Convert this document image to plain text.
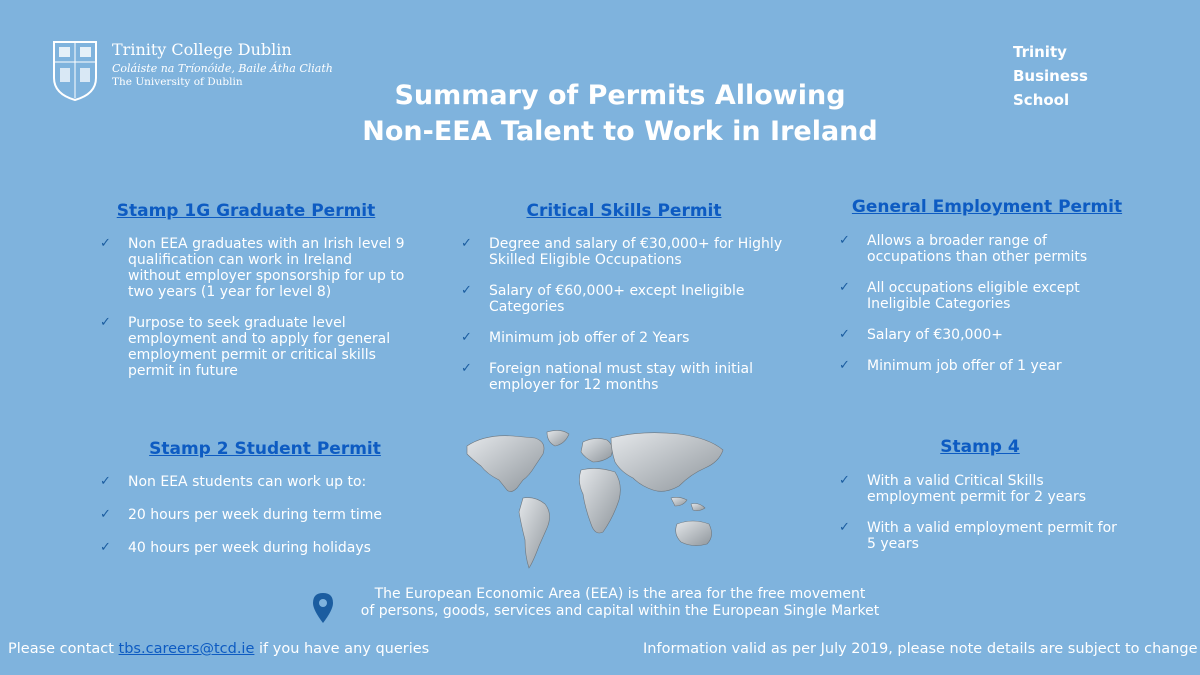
Trinity College Dublin
Coláiste na Tríonóide, Baile Átha Cliath
The University of Dublin
Trinity
Business
School
Summary of Permits Allowing
Non-EEA Talent to Work in Ireland
Stamp 1G Graduate Permit
✓ Non EEA graduates with an Irish level 9 qualification can work in Ireland without employer sponsorship for up to two years (1 year for level 8)
✓ Purpose to seek graduate level employment and to apply for general employment permit or critical skills permit in future
Critical Skills Permit
✓ Degree and salary of €30,000+ for Highly Skilled Eligible Occupations
✓ Salary of €60,000+ except Ineligible Categories
✓ Minimum job offer of 2 Years
✓ Foreign national must stay with initial employer for 12 months
General Employment Permit
✓ Allows a broader range of occupations than other permits
✓ All occupations eligible except Ineligible Categories
✓ Salary of €30,000+
✓ Minimum job offer of 1 year
Stamp 2 Student Permit
✓ Non EEA students can work up to:
✓ 20 hours per week during term time
✓ 40 hours per week during holidays
Stamp 4
✓ With a valid Critical Skills employment permit for 2 years
✓ With a valid employment permit for 5 years
The European Economic Area (EEA) is the area for the free movement
of persons, goods, services and capital within the European Single Market
Please contact tbs.careers@tcd.ie if you have any queries	Information valid as per July 2019, please note details are subject to change
